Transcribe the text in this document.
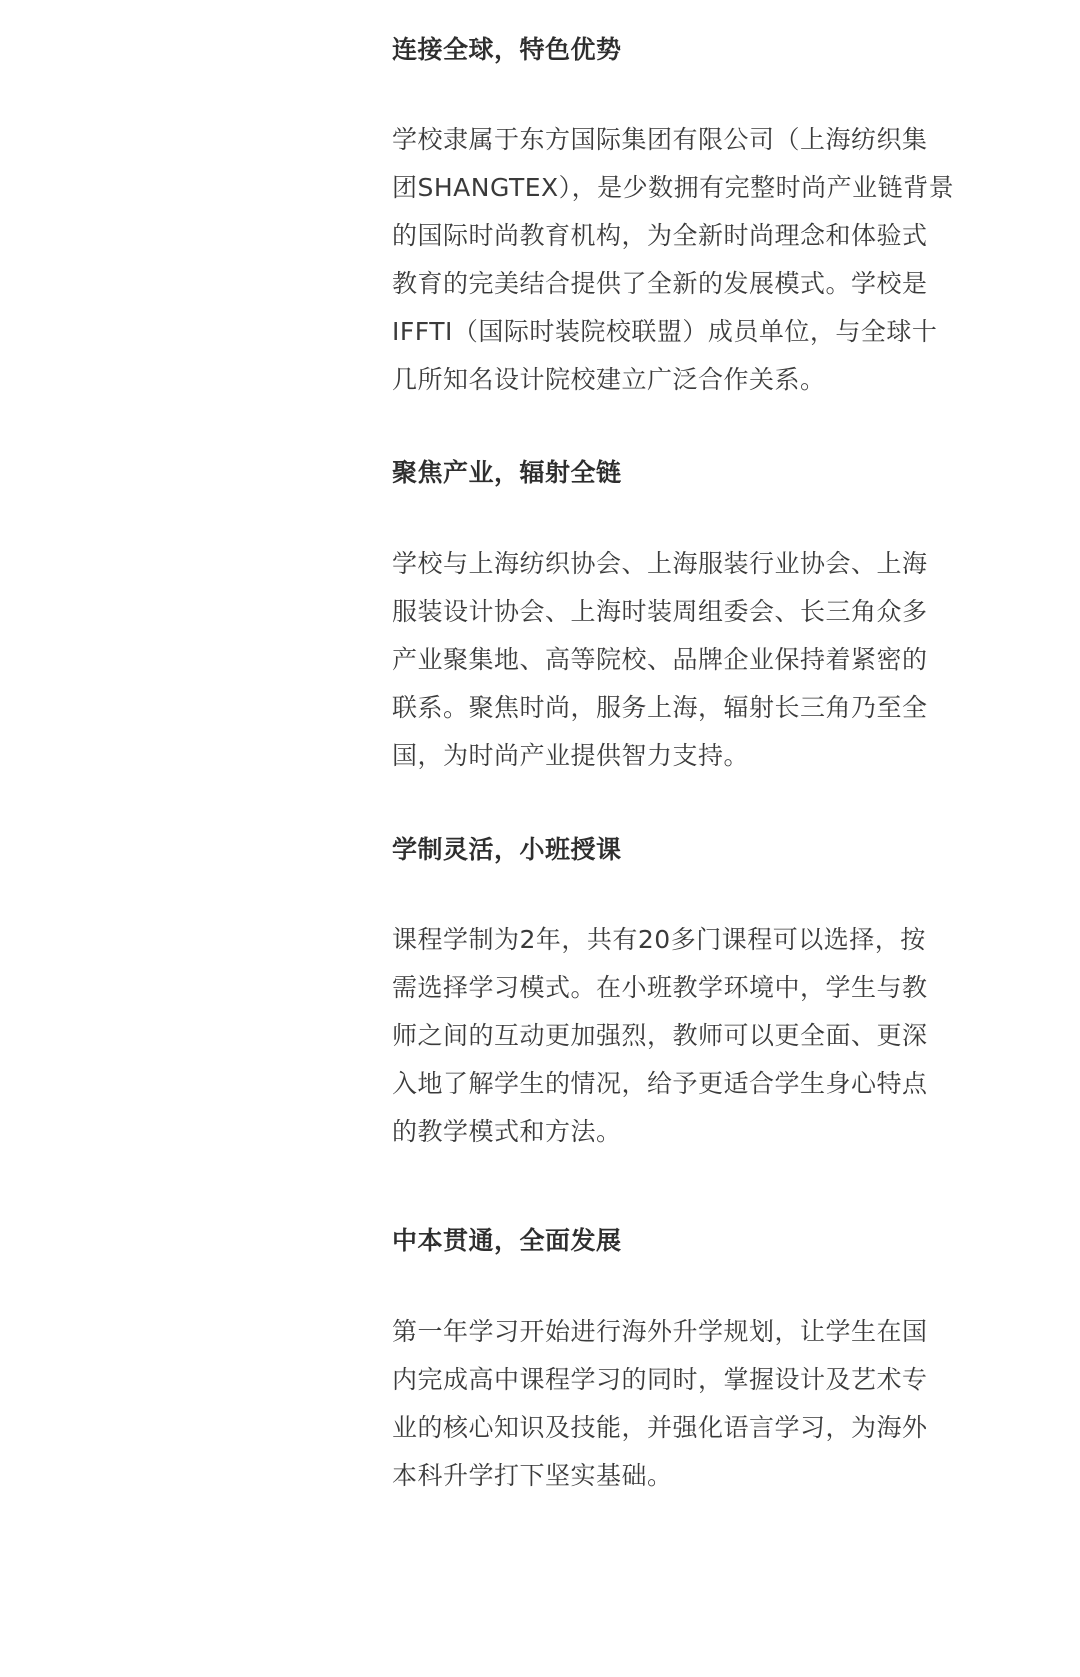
连接全球，特色优势
学校隶属于东方国际集团有限公司（上海纺织集
团SHANGTEX），是少数拥有完整时尚产业链背景
的国际时尚教育机构，为全新时尚理念和体验式
教育的完美结合提供了全新的发展模式。学校是
IFFTI（国际时装院校联盟）成员单位，与全球十
几所知名设计院校建立广泛合作关系。
聚焦产业，辐射全链
学校与上海纺织协会、上海服装行业协会、上海
服装设计协会、上海时装周组委会、长三角众多
产业聚集地、高等院校、品牌企业保持着紧密的
联系。聚焦时尚，服务上海，辐射长三角乃至全
国，为时尚产业提供智力支持。
学制灵活，小班授课
课程学制为2年，共有20多门课程可以选择，按
需选择学习模式。在小班教学环境中，学生与教
师之间的互动更加强烈，教师可以更全面、更深
入地了解学生的情况，给予更适合学生身心特点
的教学模式和方法。
中本贯通，全面发展
第一年学习开始进行海外升学规划，让学生在国
内完成高中课程学习的同时，掌握设计及艺术专
业的核心知识及技能，并强化语言学习，为海外
本科升学打下坚实基础。
